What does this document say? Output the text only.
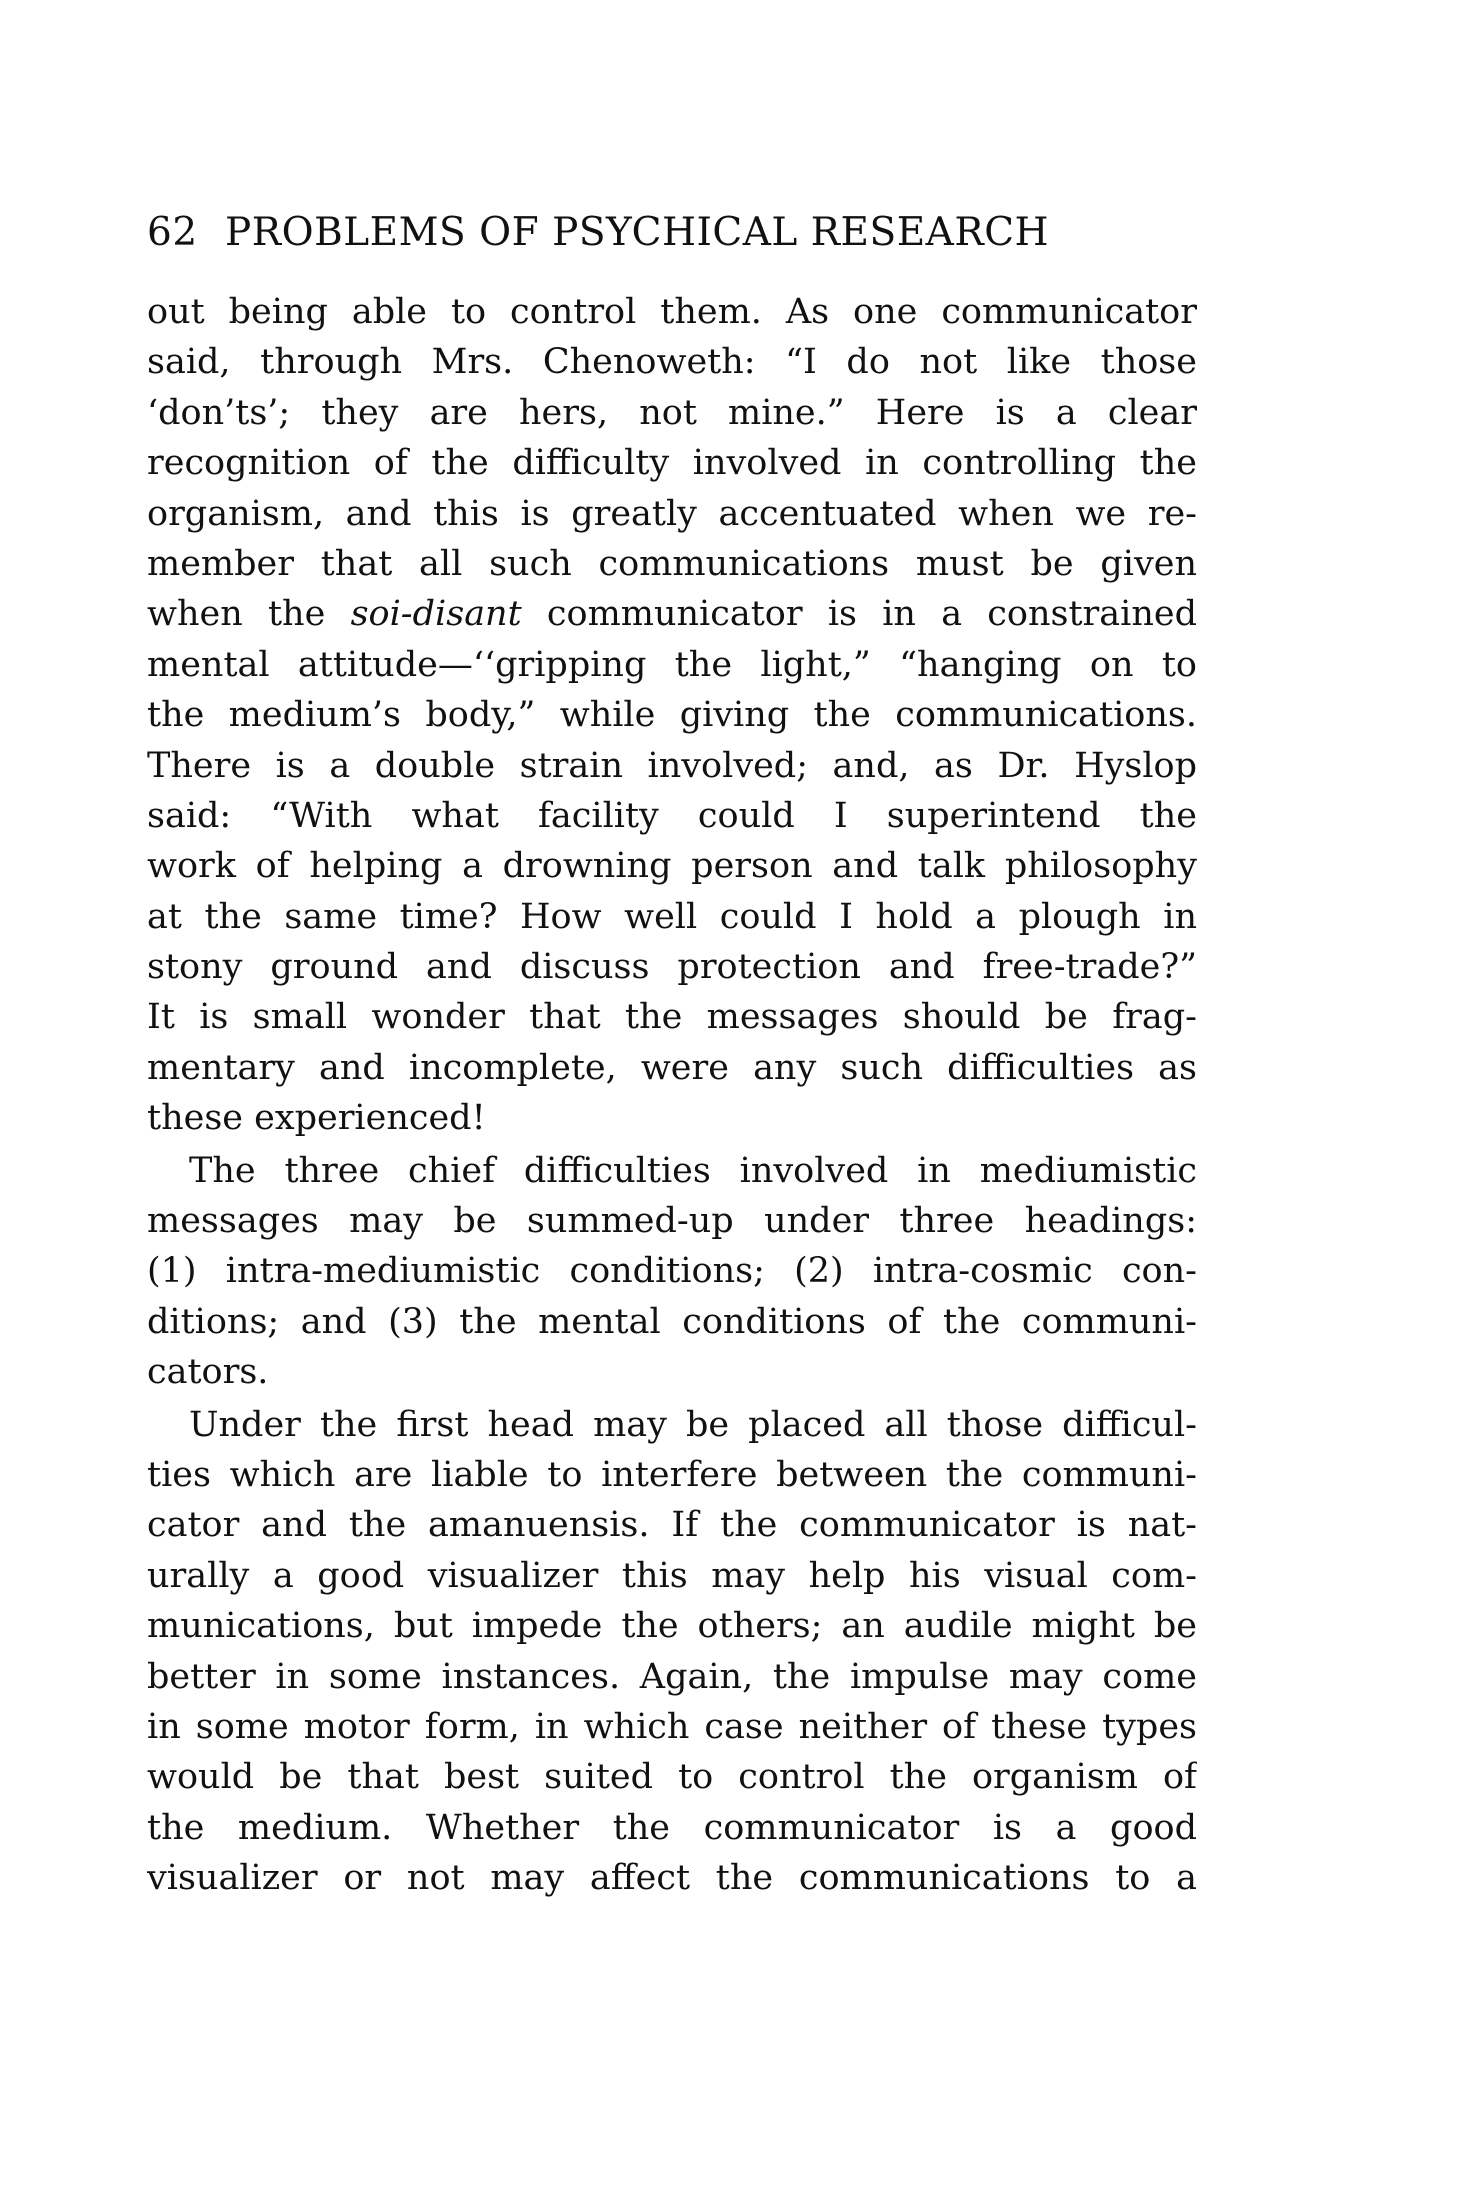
62 PROBLEMS OF PSYCHICAL RESEARCH
out being able to control them. As one communicator
said, through Mrs. Chenoweth: “I do not like those
‘don’ts’; they are hers, not mine.” Here is a clear
recognition of the difficulty involved in controlling the
organism, and this is greatly accentuated when we re-
member that all such communications must be given
when the soi-disant communicator is in a constrained
mental attitude—‘‘gripping the light,” “hanging on to
the medium’s body,” while giving the communications.
There is a double strain involved; and, as Dr. Hyslop
said: “With what facility could I superintend the
work of helping a drowning person and talk philosophy
at the same time? How well could I hold a plough in
stony ground and discuss protection and free-trade?”
It is small wonder that the messages should be frag-
mentary and incomplete, were any such difficulties as
these experienced!
The three chief difficulties involved in mediumistic
messages may be summed-up under three headings:
(1) intra-mediumistic conditions; (2) intra-cosmic con-
ditions; and (3) the mental conditions of the communi-
cators.
Under the first head may be placed all those difficul-
ties which are liable to interfere between the communi-
cator and the amanuensis. If the communicator is nat-
urally a good visualizer this may help his visual com-
munications, but impede the others; an audile might be
better in some instances. Again, the impulse may come
in some motor form, in which case neither of these types
would be that best suited to control the organism of
the medium. Whether the communicator is a good
visualizer or not may affect the communications to a
